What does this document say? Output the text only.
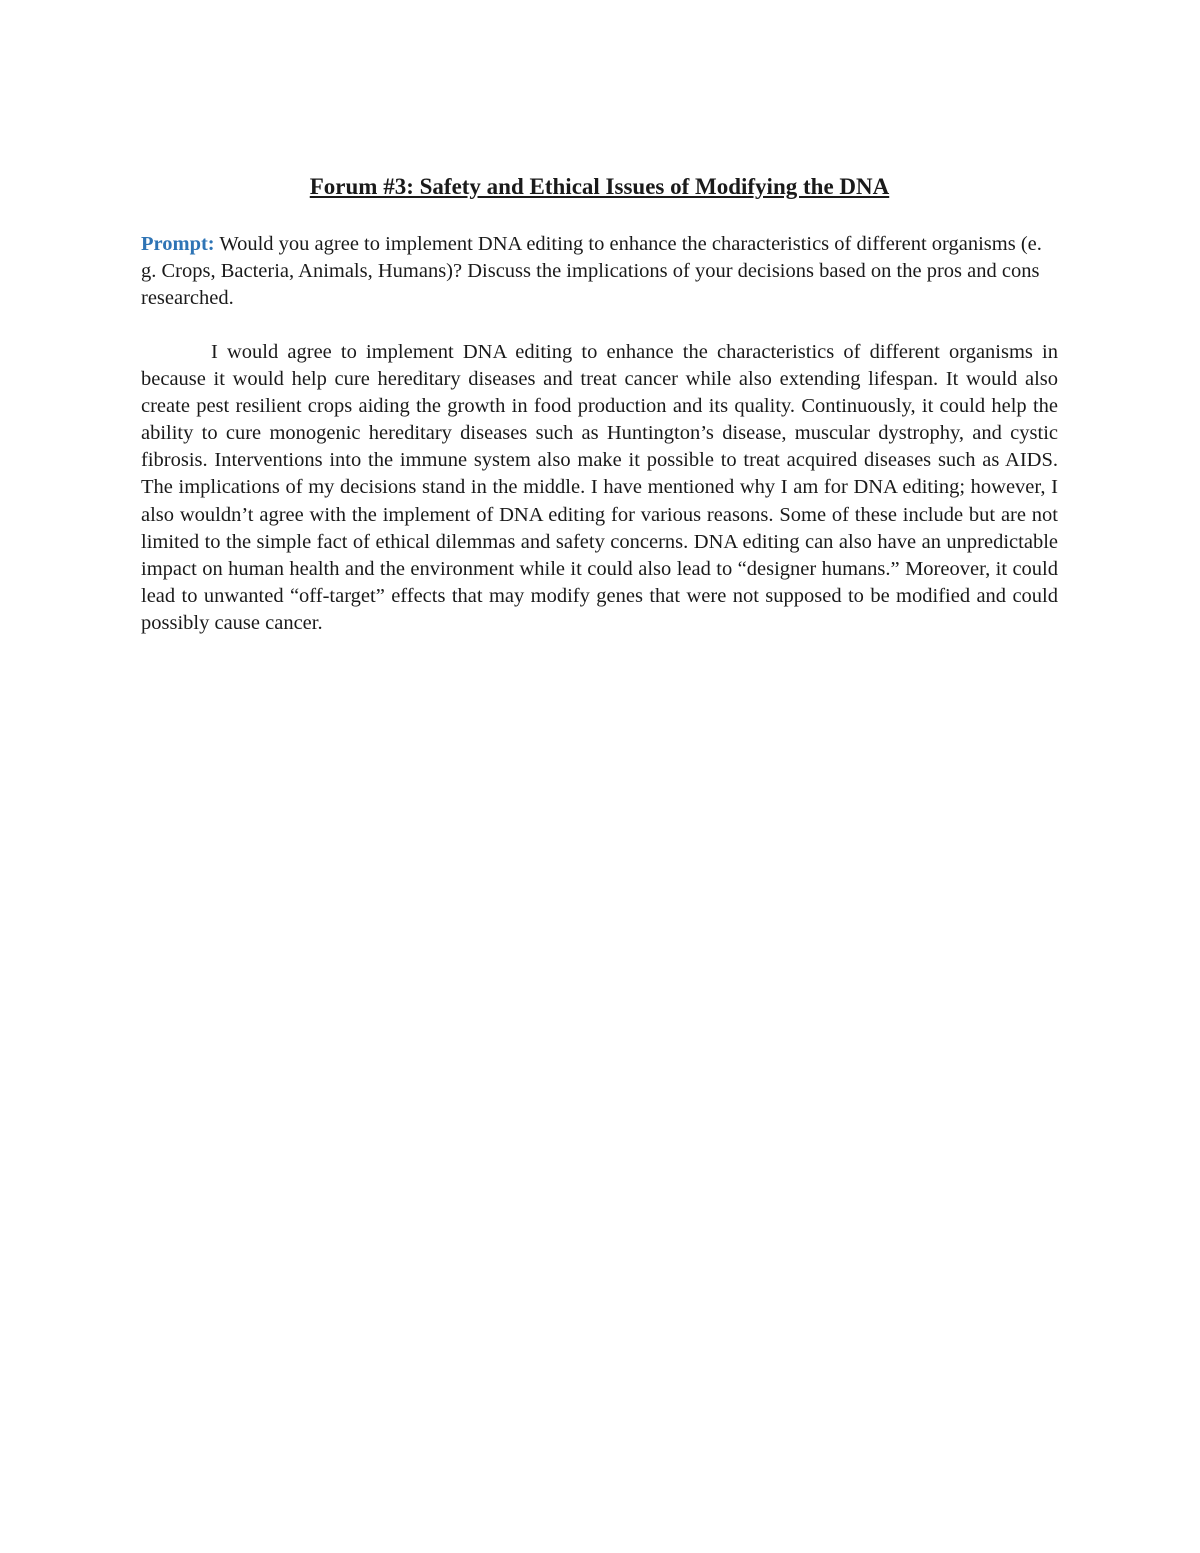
Forum #3: Safety and Ethical Issues of Modifying the DNA

Prompt: Would you agree to implement DNA editing to enhance the characteristics of different organisms (e. g. Crops, Bacteria, Animals, Humans)? Discuss the implications of your decisions based on the pros and cons researched.

I would agree to implement DNA editing to enhance the characteristics of different organisms in because it would help cure hereditary diseases and treat cancer while also extending lifespan. It would also create pest resilient crops aiding the growth in food production and its quality. Continuously, it could help the ability to cure monogenic hereditary diseases such as Huntington’s disease, muscular dystrophy, and cystic fibrosis. Interventions into the immune system also make it possible to treat acquired diseases such as AIDS. The implications of my decisions stand in the middle. I have mentioned why I am for DNA editing; however, I also wouldn’t agree with the implement of DNA editing for various reasons. Some of these include but are not limited to the simple fact of ethical dilemmas and safety concerns. DNA editing can also have an unpredictable impact on human health and the environment while it could also lead to “designer humans.” Moreover, it could lead to unwanted “off-target” effects that may modify genes that were not supposed to be modified and could possibly cause cancer.
